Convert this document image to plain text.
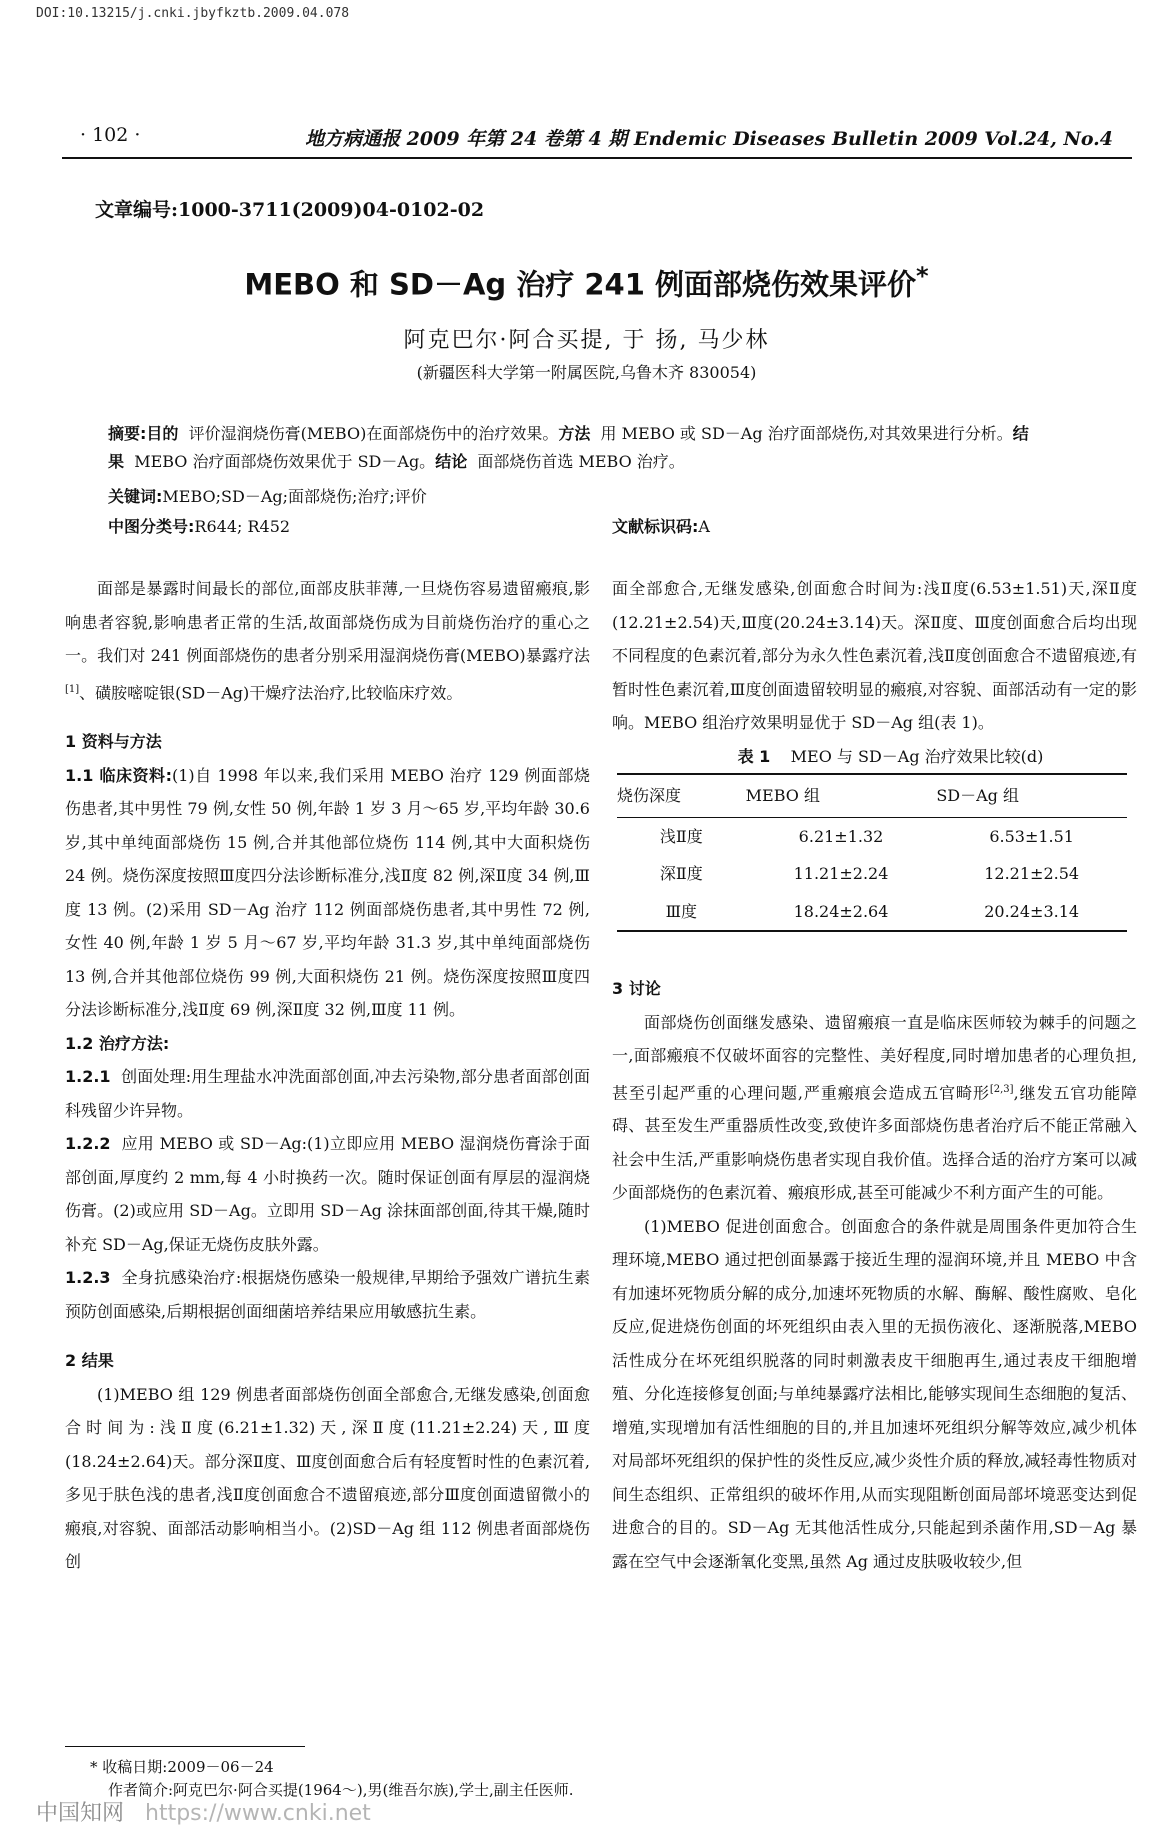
DOI:10.13215/j.cnki.jbyfkztb.2009.04.078
· 102 ·	地方病通报 2009 年第 24 卷第 4 期 Endemic Diseases Bulletin 2009 Vol.24, No.4
文章编号:1000-3711(2009)04-0102-02
MEBO 和 SD－Ag 治疗 241 例面部烧伤效果评价*
阿克巴尔·阿合买提, 于 扬, 马少林
(新疆医科大学第一附属医院,乌鲁木齐 830054)
摘要:目的 评价湿润烧伤膏(MEBO)在面部烧伤中的治疗效果。方法 用 MEBO 或 SD－Ag 治疗面部烧伤,对其效果进行分析。结果 MEBO 治疗面部烧伤效果优于 SD－Ag。结论 面部烧伤首选 MEBO 治疗。
关键词:MEBO;SD－Ag;面部烧伤;治疗;评价
中图分类号:R644; R452	文献标识码:A

面部是暴露时间最长的部位,面部皮肤菲薄,一旦烧伤容易遗留瘢痕,影响患者容貌,影响患者正常的生活,故面部烧伤成为目前烧伤治疗的重心之一。我们对 241 例面部烧伤的患者分别采用湿润烧伤膏(MEBO)暴露疗法[1]、磺胺嘧啶银(SD－Ag)干燥疗法治疗,比较临床疗效。

1 资料与方法

1.1 临床资料:(1)自 1998 年以来,我们采用 MEBO 治疗 129 例面部烧伤患者,其中男性 79 例,女性 50 例,年龄 1 岁 3 月～65 岁,平均年龄 30.6 岁,其中单纯面部烧伤 15 例,合并其他部位烧伤 114 例,其中大面积烧伤 24 例。烧伤深度按照Ⅲ度四分法诊断标准分,浅Ⅱ度 82 例,深Ⅱ度 34 例,Ⅲ度 13 例。(2)采用 SD－Ag 治疗 112 例面部烧伤患者,其中男性 72 例,女性 40 例,年龄 1 岁 5 月～67 岁,平均年龄 31.3 岁,其中单纯面部烧伤 13 例,合并其他部位烧伤 99 例,大面积烧伤 21 例。烧伤深度按照Ⅲ度四分法诊断标准分,浅Ⅱ度 69 例,深Ⅱ度 32 例,Ⅲ度 11 例。

1.2 治疗方法:

1.2.1 创面处理:用生理盐水冲洗面部创面,冲去污染物,部分患者面部创面科残留少许异物。

1.2.2 应用 MEBO 或 SD－Ag:(1)立即应用 MEBO 湿润烧伤膏涂于面部创面,厚度约 2 mm,每 4 小时换药一次。随时保证创面有厚层的湿润烧伤膏。(2)或应用 SD－Ag。立即用 SD－Ag 涂抹面部创面,待其干燥,随时补充 SD－Ag,保证无烧伤皮肤外露。

1.2.3 全身抗感染治疗:根据烧伤感染一般规律,早期给予强效广谱抗生素预防创面感染,后期根据创面细菌培养结果应用敏感抗生素。

2 结果

(1)MEBO 组 129 例患者面部烧伤创面全部愈合,无继发感染,创面愈合时间为:浅Ⅱ度(6.21±1.32)天,深Ⅱ度(11.21±2.24)天,Ⅲ度(18.24±2.64)天。部分深Ⅱ度、Ⅲ度创面愈合后有轻度暂时性的色素沉着,多见于肤色浅的患者,浅Ⅱ度创面愈合不遗留痕迹,部分Ⅲ度创面遗留微小的瘢痕,对容貌、面部活动影响相当小。(2)SD－Ag 组 112 例患者面部烧伤创

面全部愈合,无继发感染,创面愈合时间为:浅Ⅱ度(6.53±1.51)天,深Ⅱ度(12.21±2.54)天,Ⅲ度(20.24±3.14)天。深Ⅱ度、Ⅲ度创面愈合后均出现不同程度的色素沉着,部分为永久性色素沉着,浅Ⅱ度创面愈合不遗留痕迹,有暂时性色素沉着,Ⅲ度创面遗留较明显的瘢痕,对容貌、面部活动有一定的影响。MEBO 组治疗效果明显优于 SD－Ag 组(表 1)。

表 1 MEO 与 SD－Ag 治疗效果比较(d)

烧伤深度	MEBO 组	SD－Ag 组
浅Ⅱ度	6.21±1.32	6.53±1.51
深Ⅱ度	11.21±2.24	12.21±2.54
Ⅲ度	18.24±2.64	20.24±3.14

3 讨论

面部烧伤创面继发感染、遗留瘢痕一直是临床医师较为棘手的问题之一,面部瘢痕不仅破坏面容的完整性、美好程度,同时增加患者的心理负担,甚至引起严重的心理问题,严重瘢痕会造成五官畸形[2,3],继发五官功能障碍、甚至发生严重器质性改变,致使许多面部烧伤患者治疗后不能正常融入社会中生活,严重影响烧伤患者实现自我价值。选择合适的治疗方案可以减少面部烧伤的色素沉着、瘢痕形成,甚至可能减少不利方面产生的可能。

(1)MEBO 促进创面愈合。创面愈合的条件就是周围条件更加符合生理环境,MEBO 通过把创面暴露于接近生理的湿润环境,并且 MEBO 中含有加速坏死物质分解的成分,加速坏死物质的水解、酶解、酸性腐败、皂化反应,促进烧伤创面的坏死组织由表入里的无损伤液化、逐渐脱落,MEBO 活性成分在坏死组织脱落的同时刺激表皮干细胞再生,通过表皮干细胞增殖、分化连接修复创面;与单纯暴露疗法相比,能够实现间生态细胞的复活、增殖,实现增加有活性细胞的目的,并且加速坏死组织分解等效应,减少机体对局部坏死组织的保护性的炎性反应,减少炎性介质的释放,减轻毒性物质对间生态组织、正常组织的破坏作用,从而实现阻断创面局部坏境恶变达到促进愈合的目的。SD－Ag 无其他活性成分,只能起到杀菌作用,SD－Ag 暴露在空气中会逐渐氧化变黑,虽然 Ag 通过皮肤吸收较少,但

* 收稿日期:2009－06－24
作者简介:阿克巴尔·阿合买提(1964～),男(维吾尔族),学士,副主任医师.
中国知网 https://www.cnki.net
